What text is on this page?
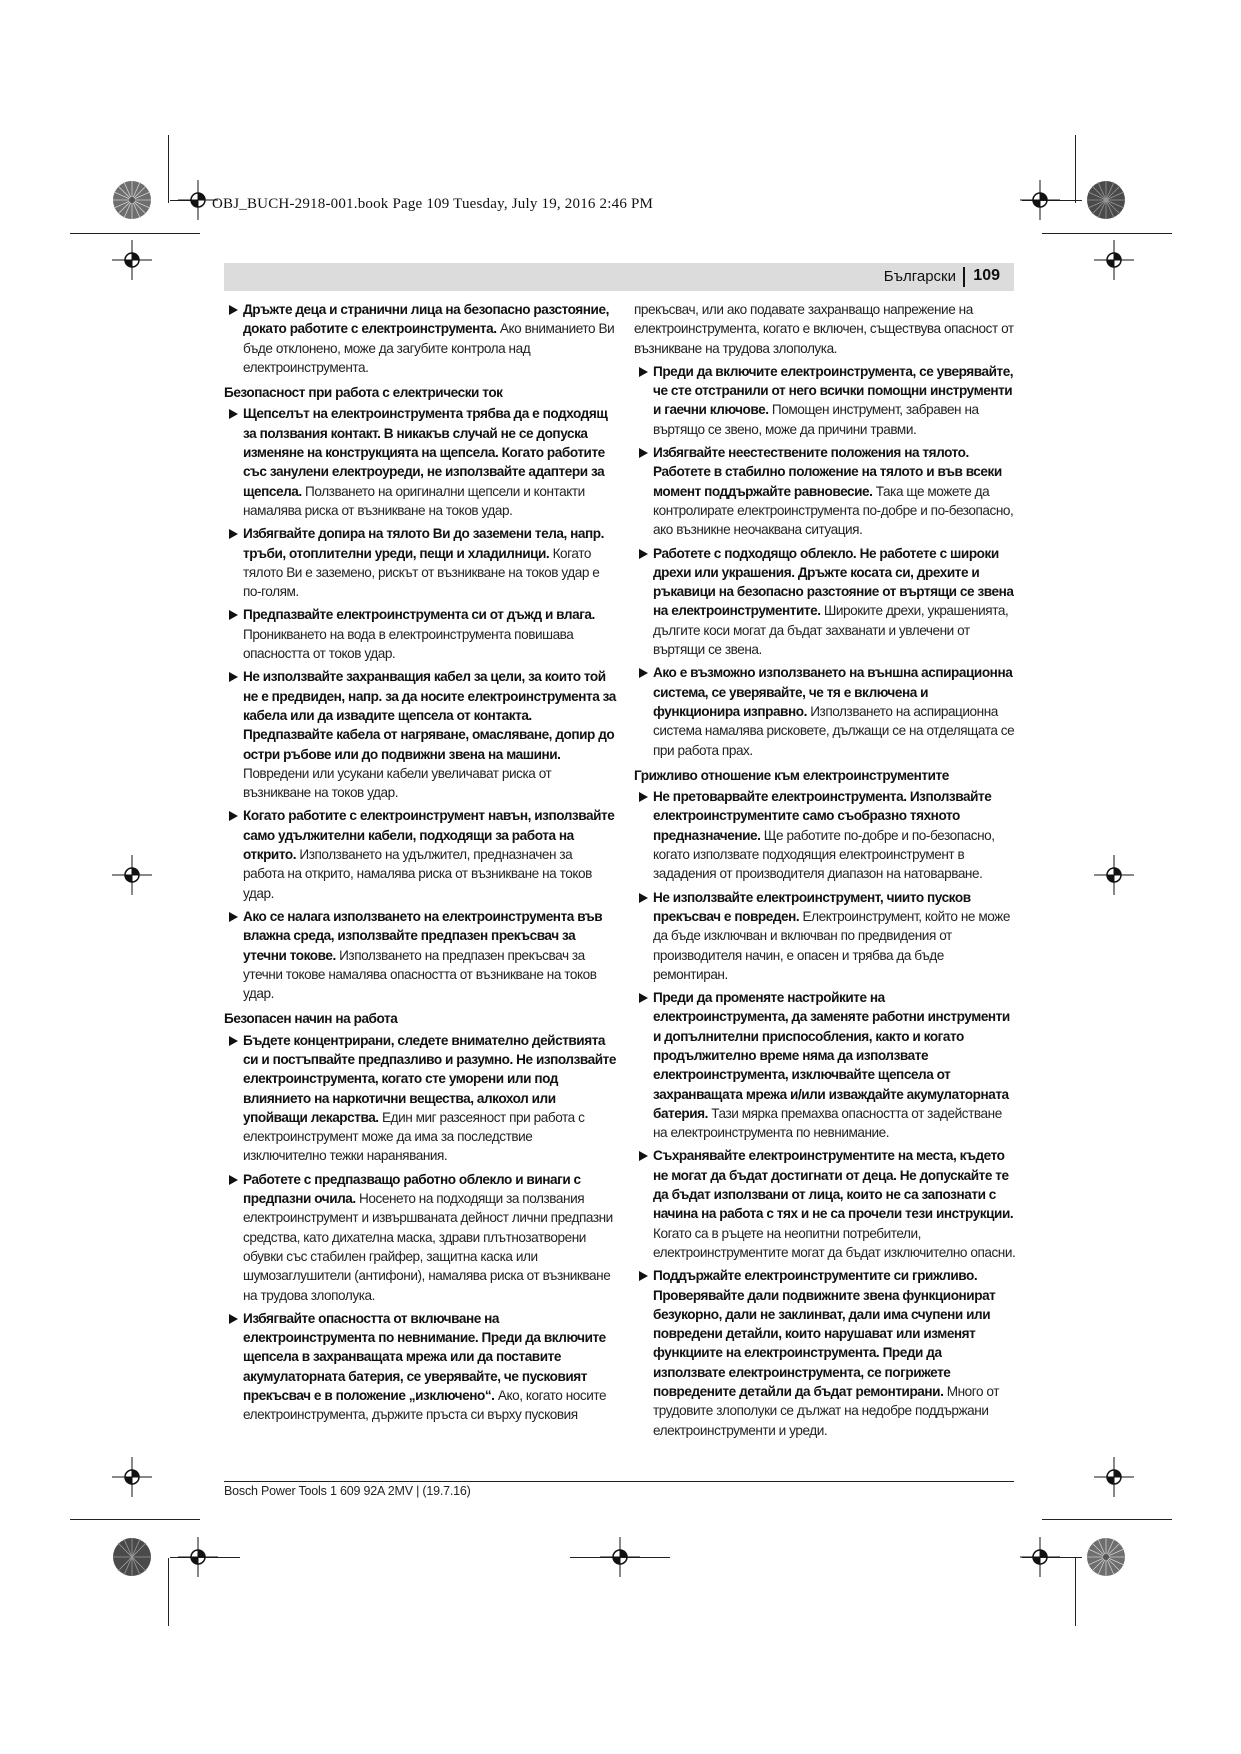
OBJ_BUCH-2918-001.book Page 109 Tuesday, July 19, 2016 2:46 PM
Български 109
Дръжте деца и странични лица на безопасно разстояние, докато работите с електроинструмента. Ако вниманието Ви бъде отклонено, може да загубите контрола над електроинструмента.
Безопасност при работа с електрически ток
Щепселът на електроинструмента трябва да е подходящ за ползвания контакт. В никакъв случай не се допуска изменяне на конструкцията на щепсела. Когато работите със занулени електроуреди, не използвайте адаптери за щепсела. Ползването на оригинални щепсели и контакти намалява риска от възникване на токов удар.
Избягвайте допира на тялото Ви до заземени тела, напр. тръби, отоплителни уреди, пещи и хладилници. Когато тялото Ви е заземено, рискът от възникване на токов удар е по-голям.
Предпазвайте електроинструмента си от дъжд и влага. Проникването на вода в електроинструмента повишава опасността от токов удар.
Не използвайте захранващия кабел за цели, за които той не е предвиден, напр. за да носите електроинструмента за кабела или да извадите щепсела от контакта. Предпазвайте кабела от нагряване, омасляване, допир до остри ръбове или до подвижни звена на машини. Повредени или усукани кабели увеличават риска от възникване на токов удар.
Когато работите с електроинструмент навън, използвайте само удължителни кабели, подходящи за работа на открито. Използването на удължител, предназначен за работа на открито, намалява риска от възникване на токов удар.
Ако се налага използването на електроинструмента във влажна среда, използвайте предпазен прекъсвач за утечни токове. Използването на предпазен прекъсвач за утечни токове намалява опасността от възникване на токов удар.
Безопасен начин на работа
Бъдете концентрирани, следете внимателно действията си и постъпвайте предпазливо и разумно. Не използвайте електроинструмента, когато сте уморени или под влиянието на наркотични вещества, алкохол или упойващи лекарства. Един миг разсеяност при работа с електроинструмент може да има за последствие изключително тежки наранявания.
Работете с предпазващо работно облекло и винаги с предпазни очила. Носенето на подходящи за ползвания електроинструмент и извършваната дейност лични предпазни средства, като дихателна маска, здрави плътнозатворени обувки със стабилен грайфер, защитна каска или шумозаглушители (антифони), намалява риска от възникване на трудова злополука.
Избягвайте опасността от включване на електроинструмента по невнимание. Преди да включите щепсела в захранващата мрежа или да поставите акумулаторната батерия, се уверявайте, че пусковият прекъсвач е в положение „изключено“. Ако, когато носите електроинструмента, държите пръста си върху пусковия
прекъсвач, или ако подавате захранващо напрежение на електроинструмента, когато е включен, съществува опасност от възникване на трудова злополука.
Преди да включите електроинструмента, се уверявайте, че сте отстранили от него всички помощни инструменти и гаечни ключове. Помощен инструмент, забравен на въртящо се звено, може да причини травми.
Избягвайте неестествените положения на тялото. Работете в стабилно положение на тялото и във всеки момент поддържайте равновесие. Така ще можете да контролирате електроинструмента по-добре и по-безопасно, ако възникне неочаквана ситуация.
Работете с подходящо облекло. Не работете с широки дрехи или украшения. Дръжте косата си, дрехите и ръкавици на безопасно разстояние от въртящи се звена на електроинструментите. Широките дрехи, украшенията, дългите коси могат да бъдат захванати и увлечени от въртящи се звена.
Ако е възможно използването на външна аспирационна система, се уверявайте, че тя е включена и функционира изправно. Използването на аспирационна система намалява рисковете, дължащи се на отделящата се при работа прах.
Грижливо отношение към електроинструментите
Не претоварвайте електроинструмента. Използвайте електроинструментите само съобразно тяхното предназначение. Ще работите по-добре и по-безопасно, когато използвате подходящия електроинструмент в зададения от производителя диапазон на натоварване.
Не използвайте електроинструмент, чиито пусков прекъсвач е повреден. Електроинструмент, който не може да бъде изключван и включван по предвидения от производителя начин, е опасен и трябва да бъде ремонтиран.
Преди да променяте настройките на електроинструмента, да заменяте работни инструменти и допълнителни приспособления, както и когато продължително време няма да използвате електроинструмента, изключвайте щепсела от захранващата мрежа и/или изваждайте акумулаторната батерия. Тази мярка премахва опасността от задействане на електроинструмента по невнимание.
Съхранявайте електроинструментите на места, където не могат да бъдат достигнати от деца. Не допускайте те да бъдат използвани от лица, които не са запознати с начина на работа с тях и не са прочели тези инструкции. Когато са в ръцете на неопитни потребители, електроинструментите могат да бъдат изключително опасни.
Поддържайте електроинструментите си грижливо. Проверявайте дали подвижните звена функционират безукорно, дали не заклинват, дали има счупени или повредени детайли, които нарушават или изменят функциите на електроинструмента. Преди да използвате електроинструмента, се погрижете повредените детайли да бъдат ремонтирани. Много от трудовите злополуки се дължат на недобре поддържани електроинструменти и уреди.
Bosch Power Tools 1 609 92A 2MV | (19.7.16)
